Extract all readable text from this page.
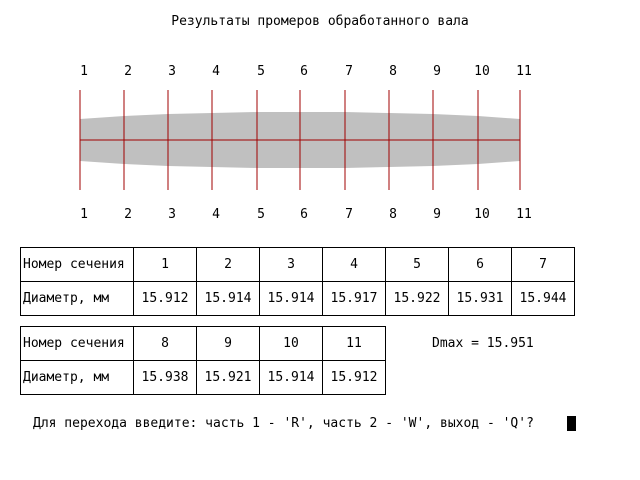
Результаты промеров обработанного вала
1	2	3	4	5	6	7	8	9	10	11
1	2	3	4	5	6	7	8	9	10	11
Номер сечения	1	2	3	4	5	6	7
Диаметр, мм	15.912	15.914	15.914	15.917	15.922	15.931	15.944
Номер сечения	8	9	10	11
Диаметр, мм	15.938	15.921	15.914	15.912
Dmax = 15.951
Для перехода введите: часть 1 - 'R', часть 2 - 'W', выход - 'Q'?
